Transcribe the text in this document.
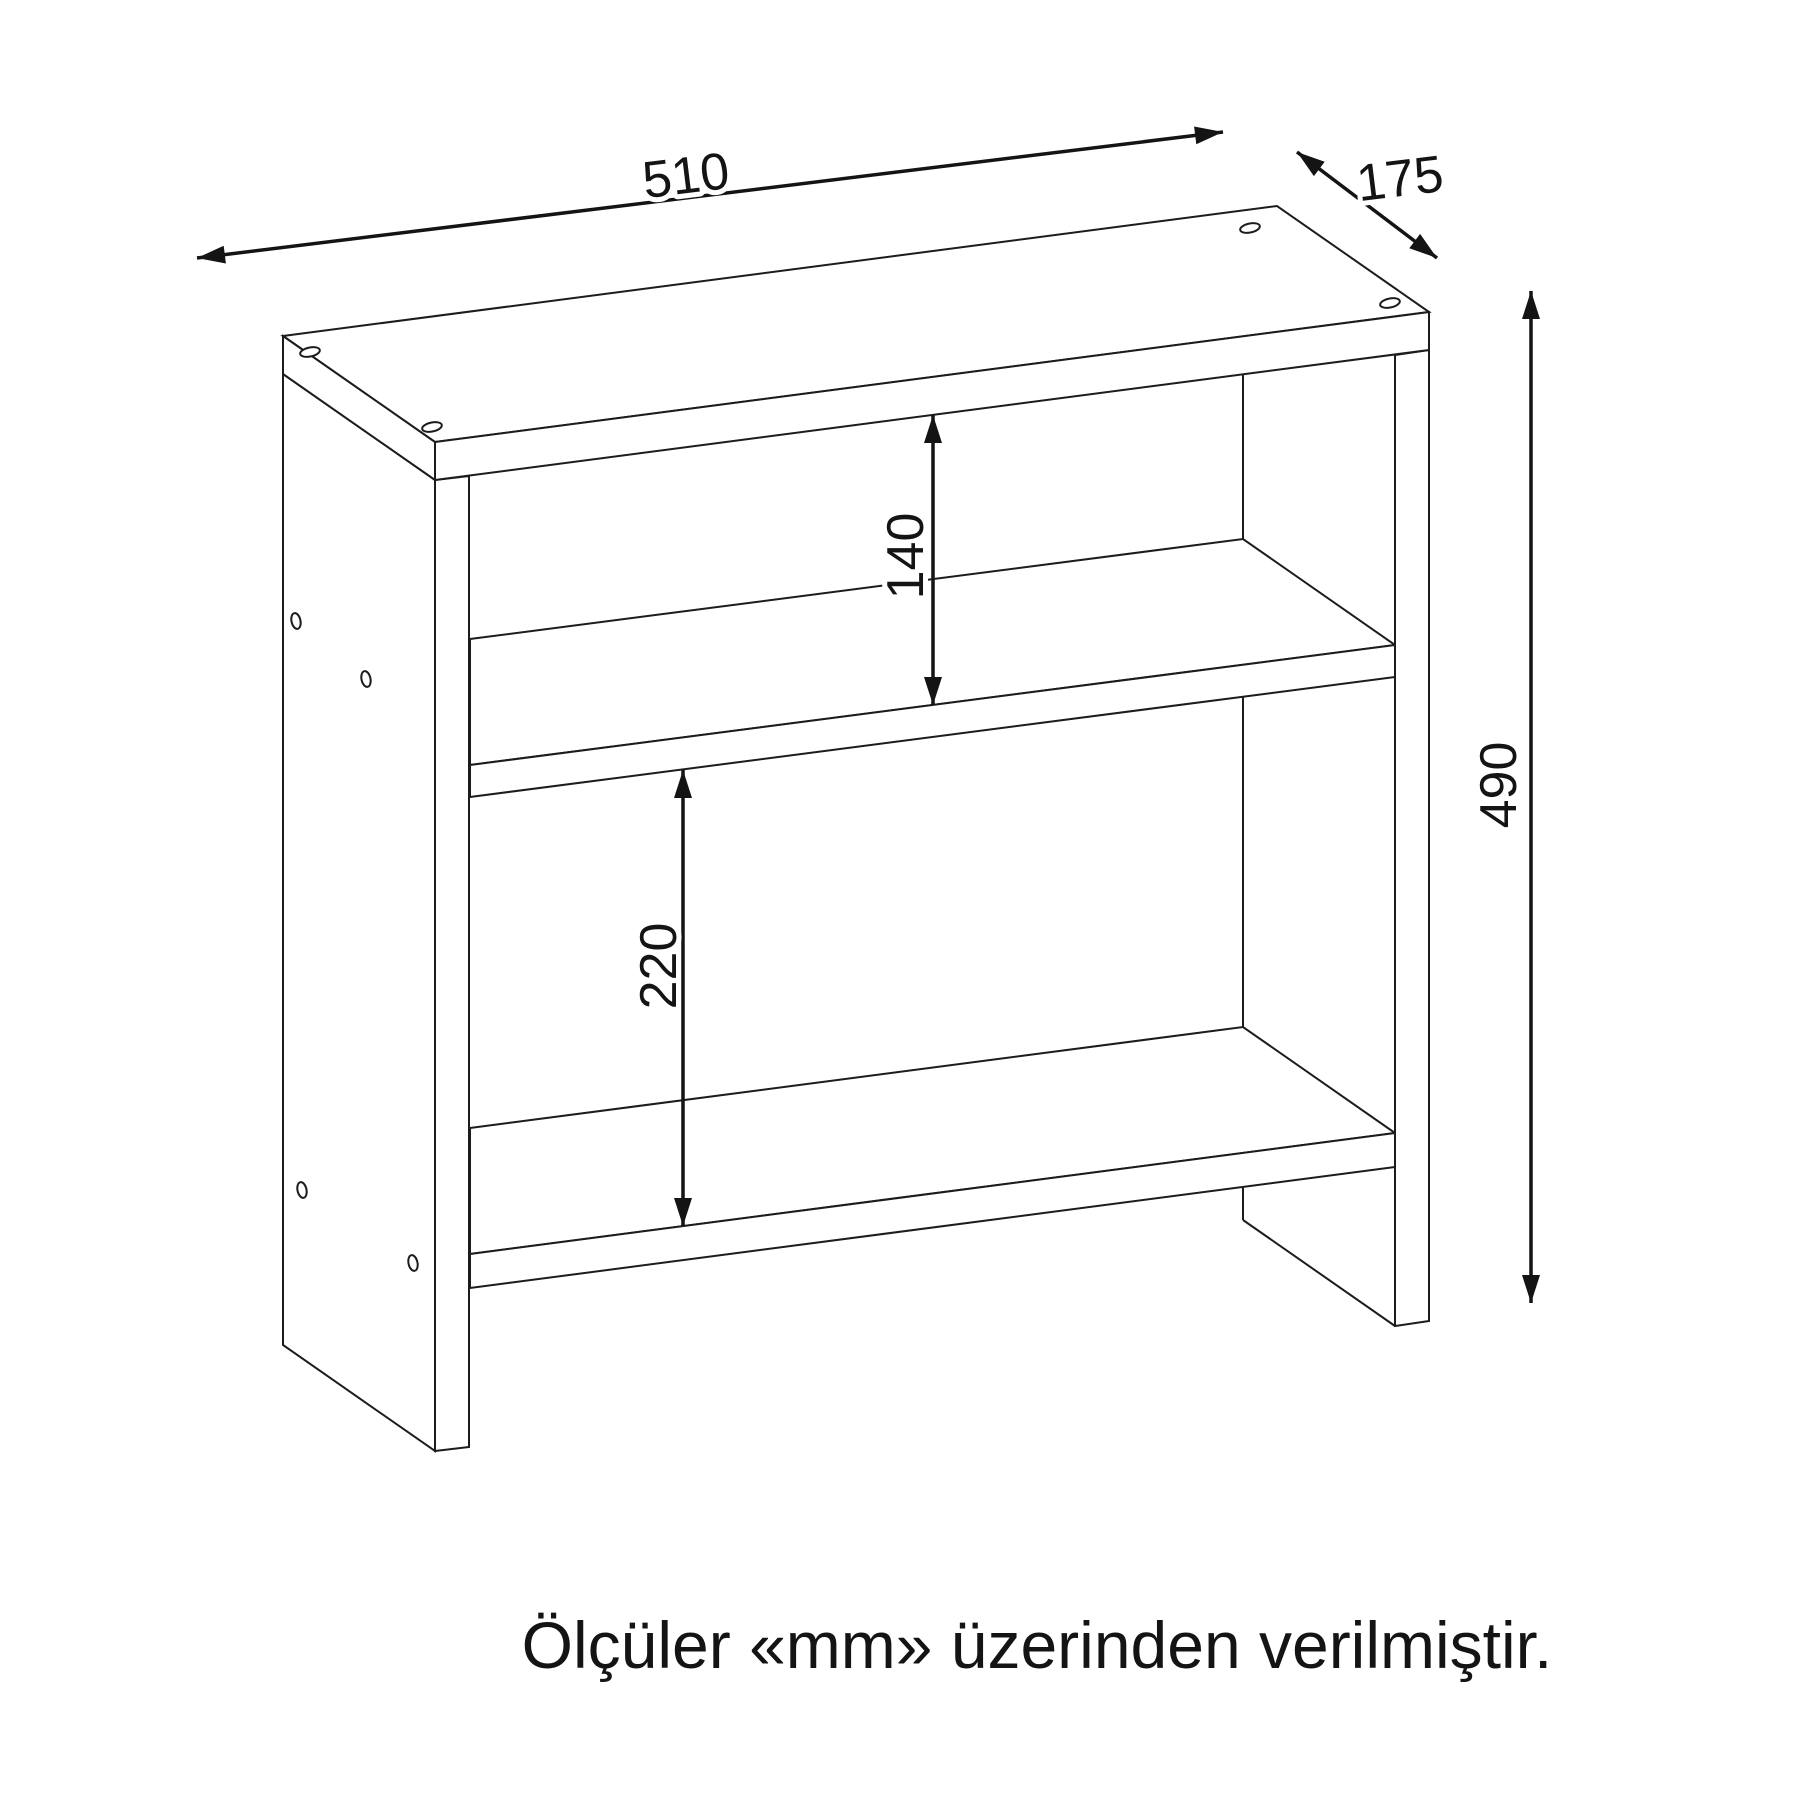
510	175
490
140
220
Ölçüler «mm» üzerinden verilmiştir.
